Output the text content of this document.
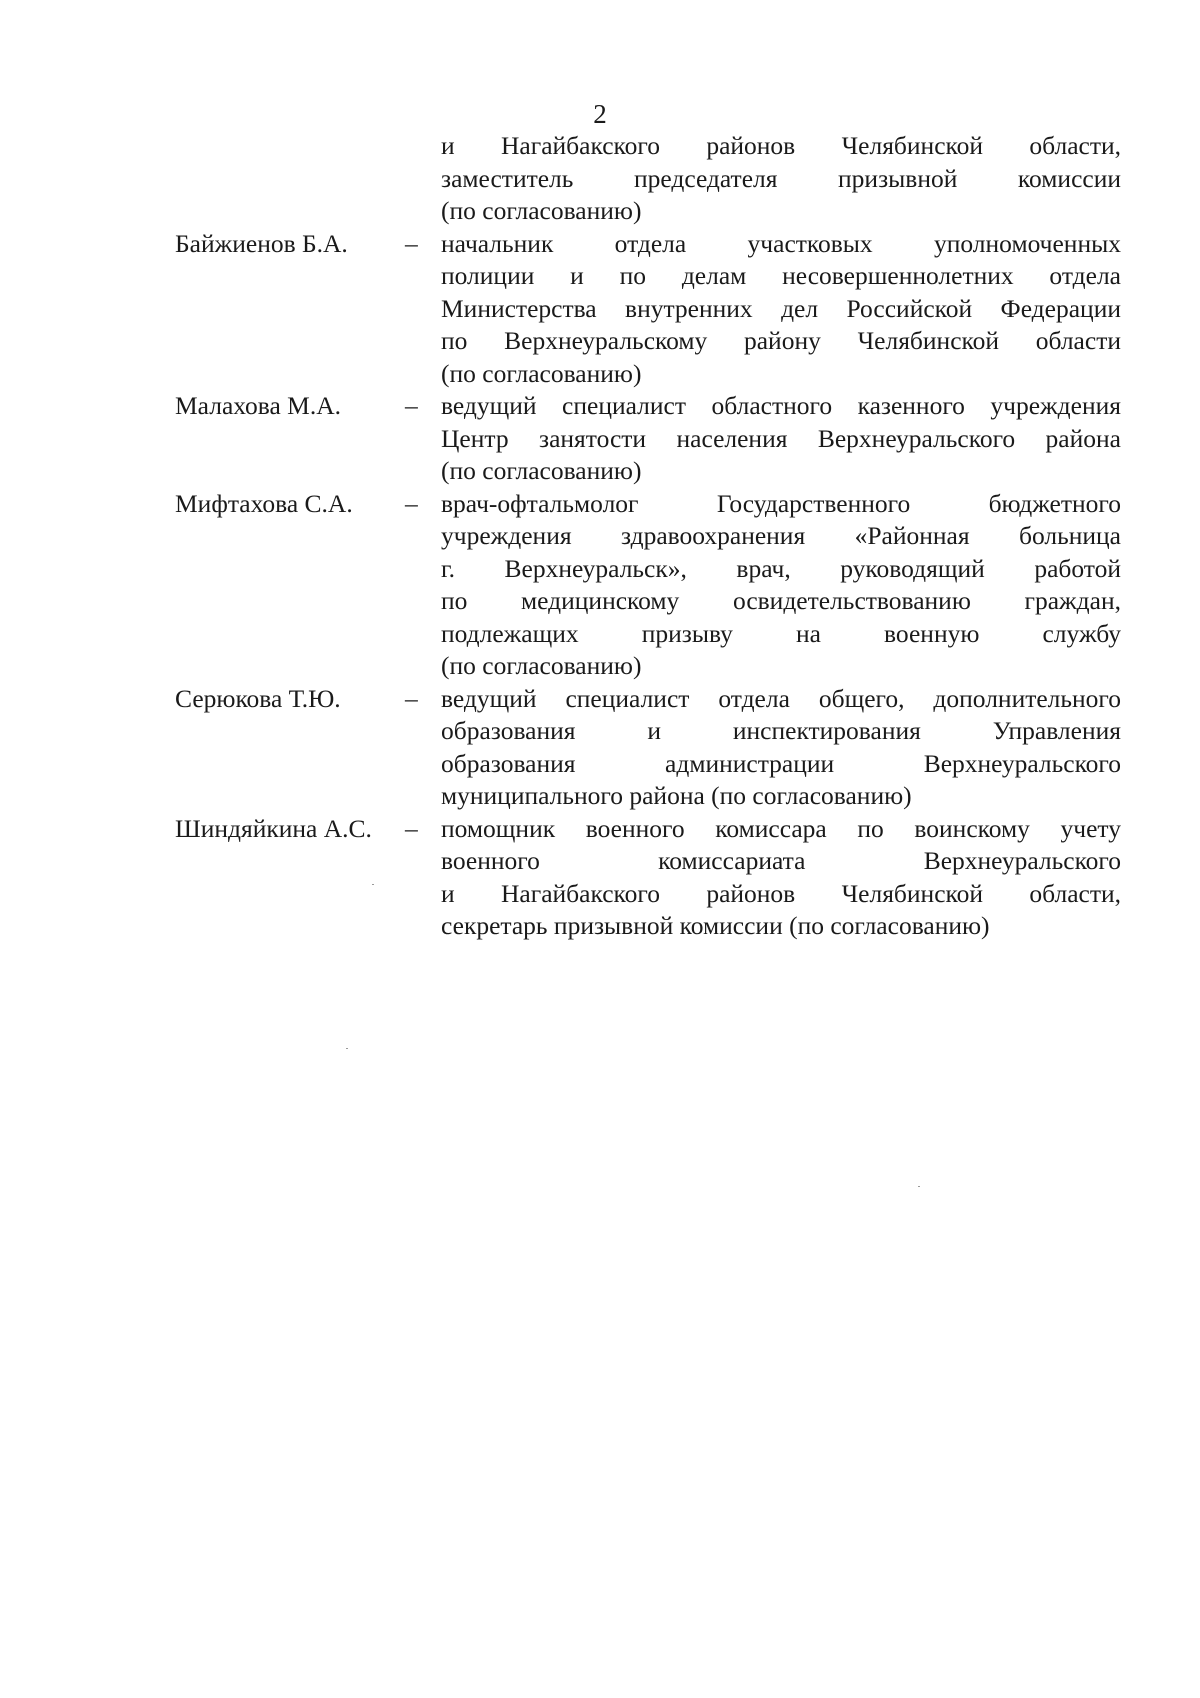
2
и Нагайбакского районов Челябинской области,
заместитель председателя призывной комиссии
(по согласованию)
Байжиенов Б.А.	– начальник отдела участковых уполномоченных
полиции и по делам несовершеннолетних отдела
Министерства внутренних дел Российской Федерации
по Верхнеуральскому району Челябинской области
(по согласованию)
Малахова М.А.	– ведущий специалист областного казенного учреждения
Центр занятости населения Верхнеуральского района
(по согласованию)
Мифтахова С.А.	– врач-офтальмолог Государственного бюджетного
учреждения здравоохранения «Районная больница
г. Верхнеуральск», врач, руководящий работой
по медицинскому освидетельствованию граждан,
подлежащих призыву на военную службу
(по согласованию)
Серюкова Т.Ю.	– ведущий специалист отдела общего, дополнительного
образования и инспектирования Управления
образования администрации Верхнеуральского
муниципального района (по согласованию)
Шиндяйкина А.С.	– помощник военного комиссара по воинскому учету
военного комиссариата Верхнеуральского
и Нагайбакского районов Челябинской области,
секретарь призывной комиссии (по согласованию)
